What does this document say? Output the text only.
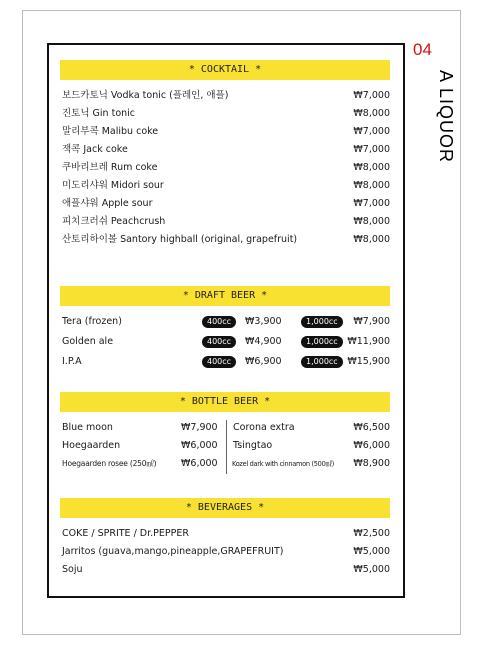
04
A LIQUOR
* COCKTAIL *
보드카토닉 Vodka tonic (플레인, 애플)	₩7,000
진토닉 Gin tonic	₩8,000
말리부콕 Malibu coke	₩7,000
잭콕 Jack coke	₩7,000
쿠바리브레 Rum coke	₩8,000
미도리샤워 Midori sour	₩8,000
애플샤워 Apple sour	₩7,000
피치크러쉬 Peachcrush	₩8,000
산토리하이볼 Santory highball (original, grapefruit)	₩8,000
* DRAFT BEER *
Tera (frozen)	400cc	₩3,900	1,000cc	₩7,900
Golden ale	400cc	₩4,900	1,000cc	₩11,900
I.P.A	400cc	₩6,900	1,000cc	₩15,900
* BOTTLE BEER *
Blue moon	₩7,900
Hoegaarden	₩6,000
Hoegaarden rosee (250㎖)	₩6,000
Corona extra	₩6,500
Tsingtao	₩6,000
Kozel dark with cinnamon (500㎖) ₩8,900
* BEVERAGES *
COKE / SPRITE / Dr.PEPPER	₩2,500
Jarritos (guava,mango,pineapple,GRAPEFRUIT)	₩5,000
Soju	₩5,000
